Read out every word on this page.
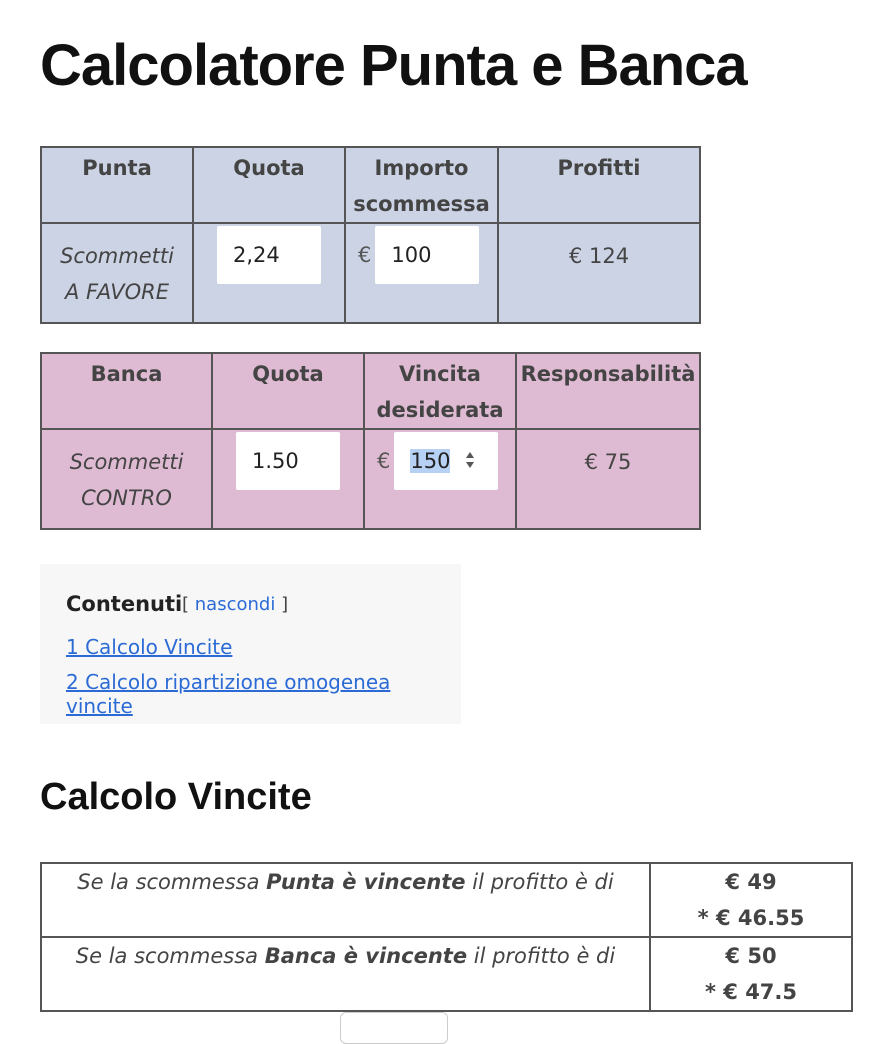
Calcolatore Punta e Banca
Punta	Quota	Importo scommessa	Profitti
Scommetti
A FAVORE	2,24	€ 100	€ 124
Banca	Quota	Vincita desiderata	Responsabilità
Scommetti
CONTRO	1.50	€ 150	€ 75
Contenuti [ nascondi ]
1 Calcolo Vincite
2 Calcolo ripartizione omogenea vincite
Calcolo Vincite
Se la scommessa Punta è vincente il profitto è di	€ 49
* € 46.55

Se la scommessa Banca è vincente il profitto è di	€ 50
* € 47.5
